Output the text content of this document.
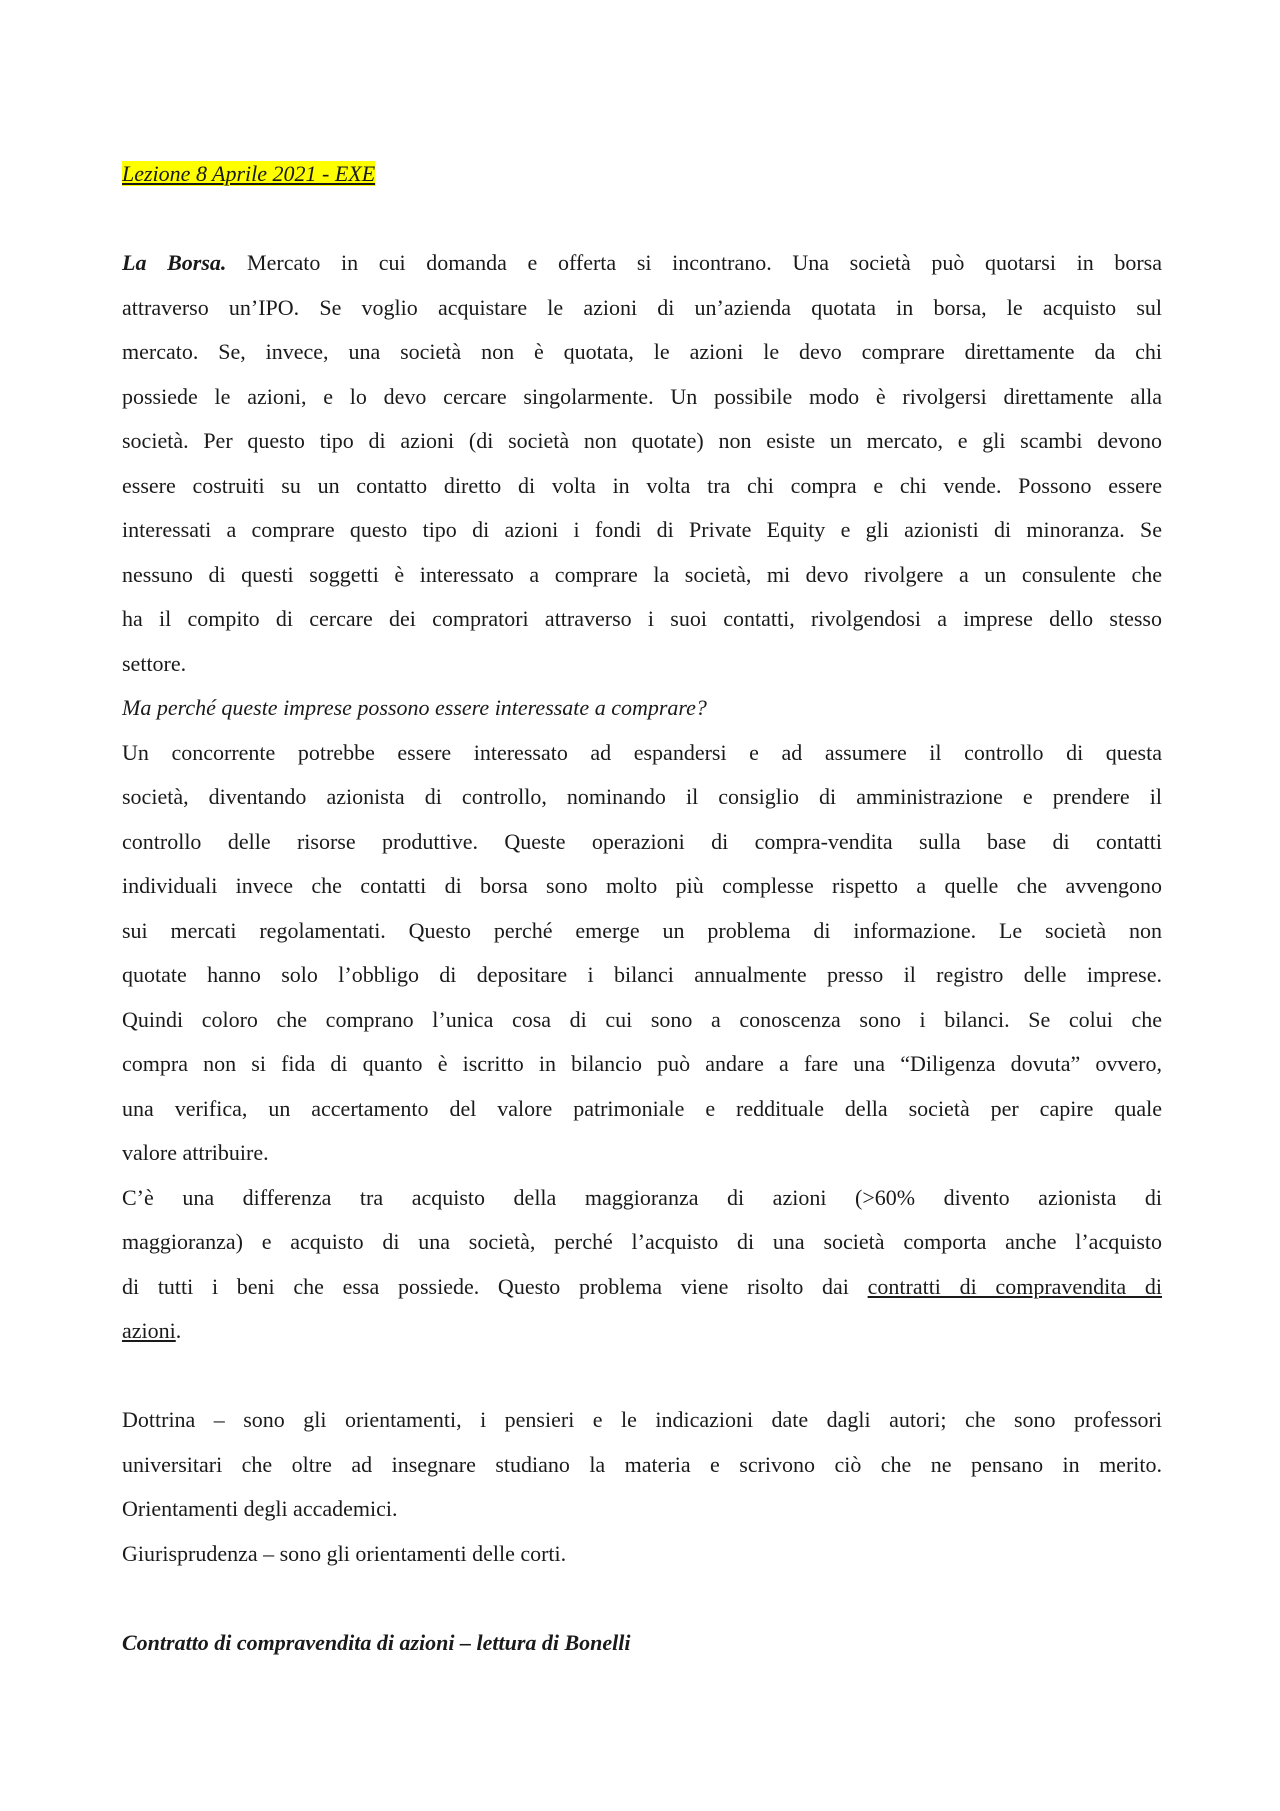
Lezione 8 Aprile 2021 - EXE
La Borsa. Mercato in cui domanda e offerta si incontrano. Una società può quotarsi in borsa
attraverso un’IPO. Se voglio acquistare le azioni di un’azienda quotata in borsa, le acquisto sul
mercato. Se, invece, una società non è quotata, le azioni le devo comprare direttamente da chi
possiede le azioni, e lo devo cercare singolarmente. Un possibile modo è rivolgersi direttamente alla
società. Per questo tipo di azioni (di società non quotate) non esiste un mercato, e gli scambi devono
essere costruiti su un contatto diretto di volta in volta tra chi compra e chi vende. Possono essere
interessati a comprare questo tipo di azioni i fondi di Private Equity e gli azionisti di minoranza. Se
nessuno di questi soggetti è interessato a comprare la società, mi devo rivolgere a un consulente che
ha il compito di cercare dei compratori attraverso i suoi contatti, rivolgendosi a imprese dello stesso
settore.
Ma perché queste imprese possono essere interessate a comprare?
Un concorrente potrebbe essere interessato ad espandersi e ad assumere il controllo di questa
società, diventando azionista di controllo, nominando il consiglio di amministrazione e prendere il
controllo delle risorse produttive. Queste operazioni di compra-vendita sulla base di contatti
individuali invece che contatti di borsa sono molto più complesse rispetto a quelle che avvengono
sui mercati regolamentati. Questo perché emerge un problema di informazione. Le società non
quotate hanno solo l’obbligo di depositare i bilanci annualmente presso il registro delle imprese.
Quindi coloro che comprano l’unica cosa di cui sono a conoscenza sono i bilanci. Se colui che
compra non si fida di quanto è iscritto in bilancio può andare a fare una “Diligenza dovuta” ovvero,
una verifica, un accertamento del valore patrimoniale e reddituale della società per capire quale
valore attribuire.
C’è una differenza tra acquisto della maggioranza di azioni (>60% divento azionista di
maggioranza) e acquisto di una società, perché l’acquisto di una società comporta anche l’acquisto
di tutti i beni che essa possiede. Questo problema viene risolto dai contratti di compravendita di
azioni.
Dottrina – sono gli orientamenti, i pensieri e le indicazioni date dagli autori; che sono professori
universitari che oltre ad insegnare studiano la materia e scrivono ciò che ne pensano in merito.
Orientamenti degli accademici.
Giurisprudenza – sono gli orientamenti delle corti.
Contratto di compravendita di azioni – lettura di Bonelli
